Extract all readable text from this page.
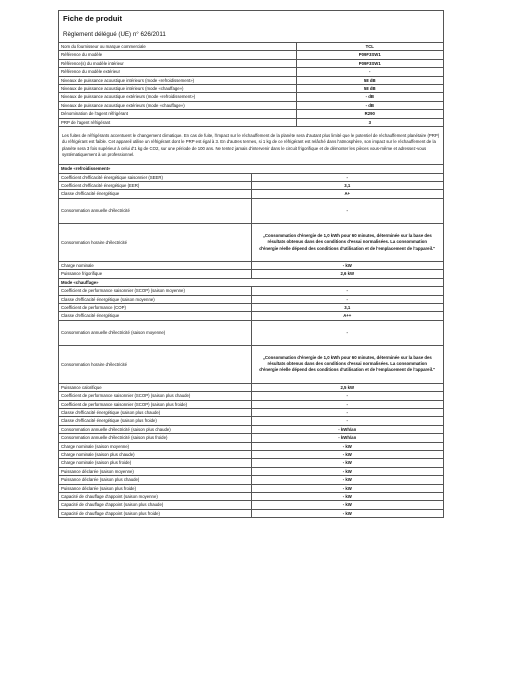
Fiche de produit
Règlement délégué (UE) n° 626/2011
Nom du fournisseur ou marque commerciale	TCL
Référence du modèle	P09F3SW1
Référence(s) du modèle intérieur	P09F3SW1
Référence du modèle extérieur	-
Niveaux de puissance acoustique intérieurs (mode «refroidissement»)	58 dB
Niveaux de puissance acoustique intérieurs (mode «chauffage»)	58 dB
Niveaux de puissance acoustique extérieurs (mode «refroidissement»)	- dB
Niveaux de puissance acoustique extérieurs (mode «chauffage»)	- dB
Dénomination de l'agent réfrigérant	R290
PRP de l'agent réfrigérant	3
Les fuites de réfrigérants accentuent le changement climatique. En cas de fuite, l'impact sur le réchauffement de la planète sera d'autant plus limité que le potentiel de réchauffement planétaire (PRP) du réfrigérant est faible. Cet appareil utilise un réfrigérant dont le PRP est égal à 3. En d'autres termes, si 1 kg de ce réfrigérant est relâché dans l'atmosphère, son impact sur le réchauffement de la planète sera 3 fois supérieur à celui d'1 kg de CO2, sur une période de 100 ans. Ne tentez jamais d'intervenir dans le circuit frigorifique et de démonter les pièces vous-même et adressez-vous systématiquement à un professionnel.
Mode «refroidissement»	
Coefficient d'efficacité énergétique saisonnier (SEER)	-
Coefficient d'efficacité énergétique (EER)	3,1
Classe d'efficacité énergétique	A+
Consommation annuelle d'électricité	-
Consommation horaire d'électricité	„Consommation d'énergie de 1,0 kWh pour 60 minutes, déterminée sur la base des résultats obtenus dans des conditions d'essai normalisées. La consommation d'énergie réelle dépend des conditions d'utilisation et de l'emplacement de l'appareil."
Charge nominale	- kW
Puissance frigorifique	2,6 kW
Mode «chauffage»	
Coefficient de performance saisonnier (SCOP) (saison moyenne)	-
Classe d'efficacité énergétique (saison moyenne)	-
Coefficient de performance (COP)	3,1
Classe d'efficacité énergétique	A++
Consommation annuelle d'électricité (saison moyenne)	-
Consommation horaire d'électricité	„Consommation d'énergie de 1,0 kWh pour 60 minutes, déterminée sur la base des résultats obtenus dans des conditions d'essai normalisées. La consommation d'énergie réelle dépend des conditions d'utilisation et de l'emplacement de l'appareil."
Puissance calorifique	2,5 kW
Coefficient de performance saisonnier (SCOP) (saison plus chaude)	-
Coefficient de performance saisonnier (SCOP) (saison plus froide)	-
Classe d'efficacité énergétique (saison plus chaude)	-
Classe d'efficacité énergétique (saison plus froide)	-
Consommation annuelle d'électricité (saison plus chaude)	- kWh/an
Consommation annuelle d'électricité (saison plus froide)	- kWh/an
Charge nominale (saison moyenne)	- kW
Charge nominale (saison plus chaude)	- kW
Charge nominale (saison plus froide)	- kW
Puissance déclarée (saison moyenne)	- kW
Puissance déclarée (saison plus chaude)	- kW
Puissance déclarée (saison plus froide)	- kW
Capacité de chauffage d'appoint (saison moyenne)	- kW
Capacité de chauffage d'appoint (saison plus chaude)	- kW
Capacité de chauffage d'appoint (saison plus froide)	- kW
